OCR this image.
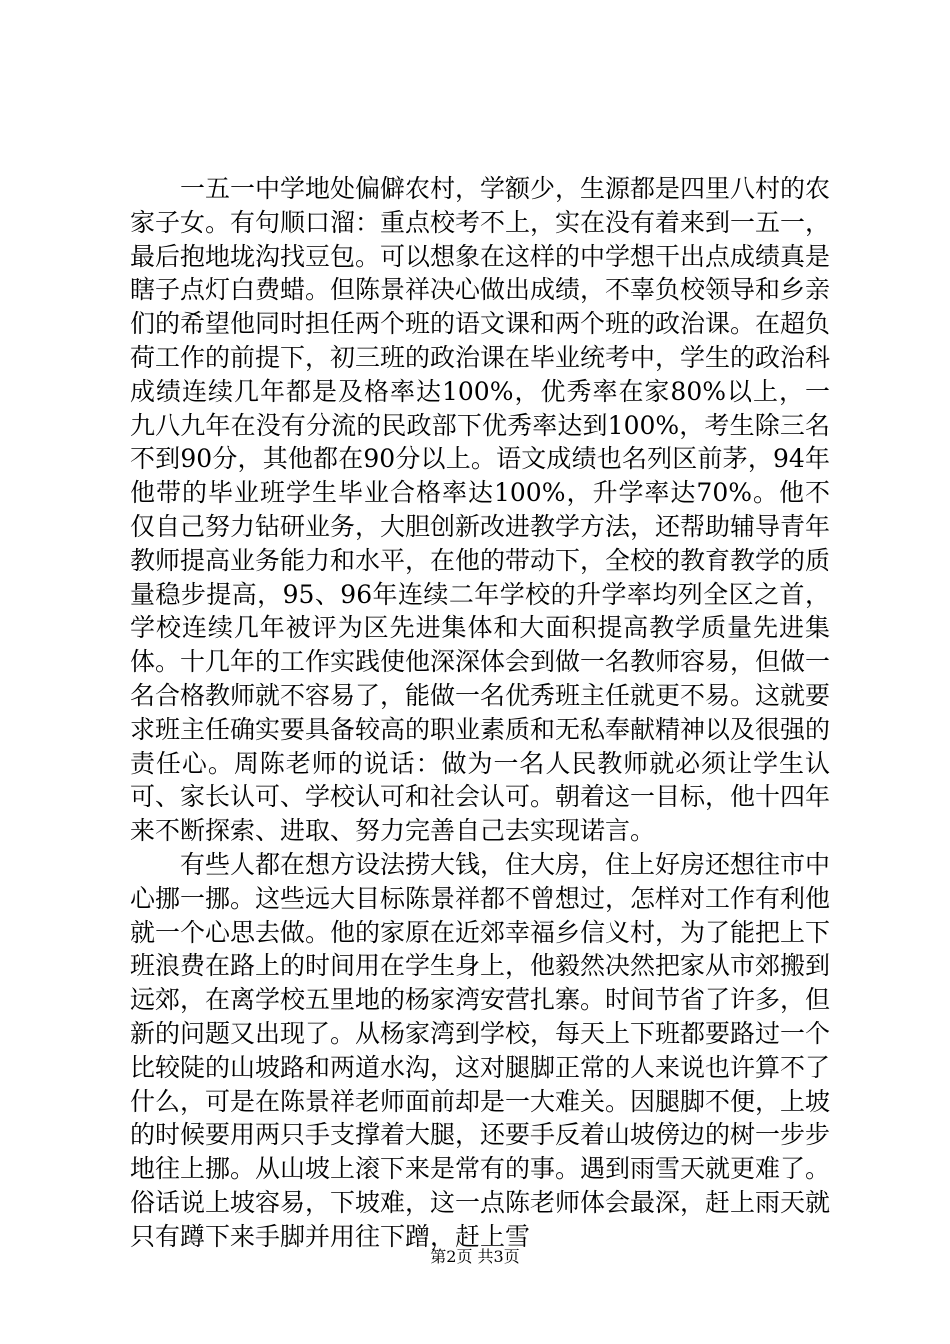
一五一中学地处偏僻农村，学额少，生源都是四里八村的农家子女。有句顺口溜：重点校考不上，实在没有着来到一五一，最后抱地垅沟找豆包。可以想象在这样的中学想干出点成绩真是瞎子点灯白费蜡。但陈景祥决心做出成绩，不辜负校领导和乡亲们的希望他同时担任两个班的语文课和两个班的政治课。在超负荷工作的前提下，初三班的政治课在毕业统考中，学生的政治科成绩连续几年都是及格率达100%，优秀率在家80%以上，一九八九年在没有分流的民政部下优秀率达到100%，考生除三名不到90分，其他都在90分以上。语文成绩也名列区前茅，94年他带的毕业班学生毕业合格率达100%，升学率达70%。他不仅自己努力钻研业务，大胆创新改进教学方法，还帮助辅导青年教师提高业务能力和水平，在他的带动下，全校的教育教学的质量稳步提高，95、96年连续二年学校的升学率均列全区之首，学校连续几年被评为区先进集体和大面积提高教学质量先进集体。十几年的工作实践使他深深体会到做一名教师容易，但做一名合格教师就不容易了，能做一名优秀班主任就更不易。这就要求班主任确实要具备较高的职业素质和无私奉献精神以及很强的责任心。周陈老师的说话：做为一名人民教师就必须让学生认可、家长认可、学校认可和社会认可。朝着这一目标，他十四年来不断探索、进取、努力完善自己去实现诺言。

有些人都在想方设法捞大钱，住大房，住上好房还想往市中心挪一挪。这些远大目标陈景祥都不曾想过，怎样对工作有利他就一个心思去做。他的家原在近郊幸福乡信义村，为了能把上下班浪费在路上的时间用在学生身上，他毅然决然把家从市郊搬到远郊，在离学校五里地的杨家湾安营扎寨。时间节省了许多，但新的问题又出现了。从杨家湾到学校，每天上下班都要路过一个比较陡的山坡路和两道水沟，这对腿脚正常的人来说也许算不了什么，可是在陈景祥老师面前却是一大难关。因腿脚不便，上坡的时候要用两只手支撑着大腿，还要手反着山坡傍边的树一步步地往上挪。从山坡上滚下来是常有的事。遇到雨雪天就更难了。俗话说上坡容易，下坡难，这一点陈老师体会最深，赶上雨天就只有蹲下来手脚并用往下蹭，赶上雪

第2页 共3页
